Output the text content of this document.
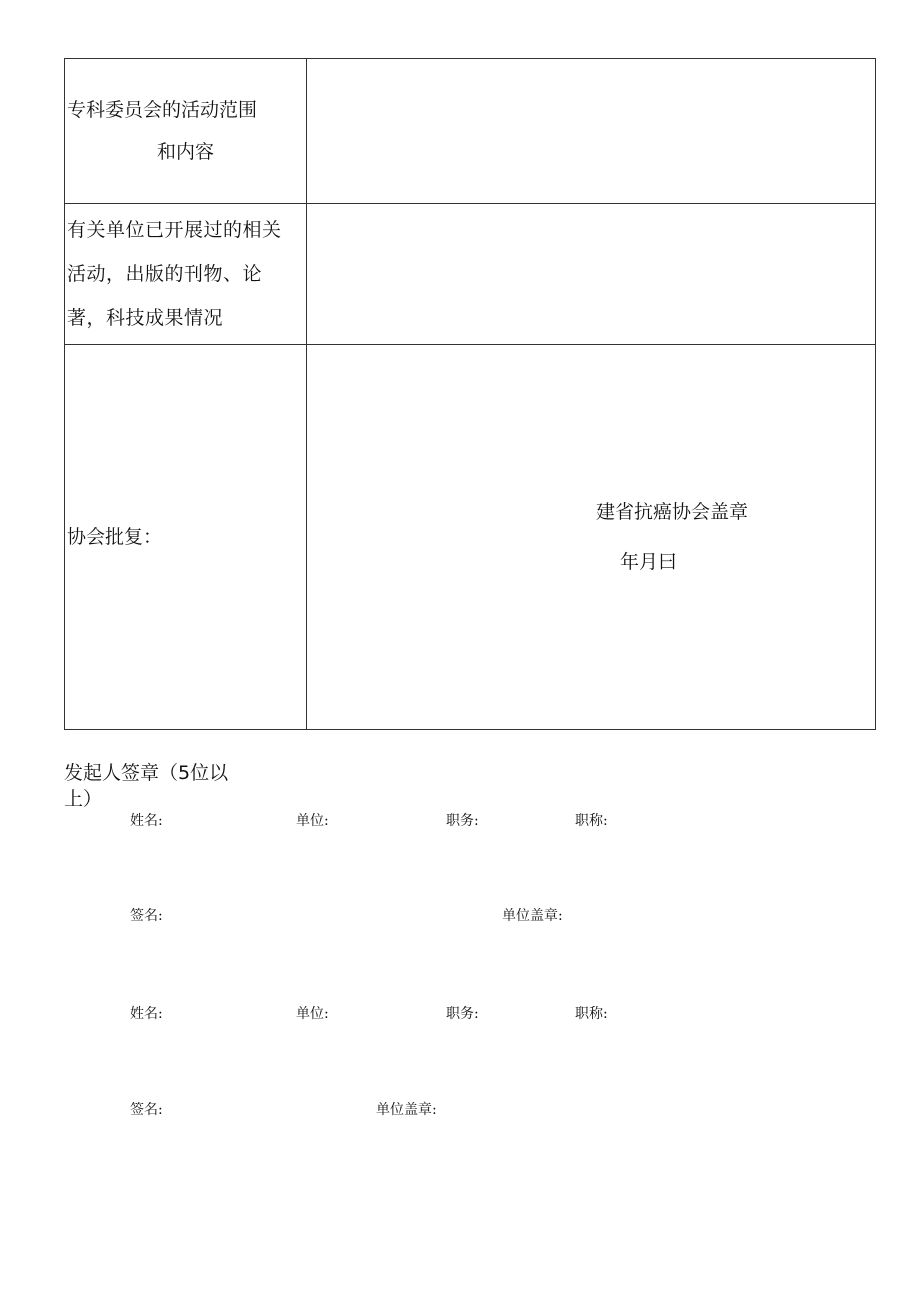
专科委员会的活动范围
和内容	

有关单位已开展过的相关
活动，出版的刊物、论
著，科技成果情况	

协会批复：	建省抗癌协会盖章
年月曰
发起人签章（5位以上）
姓名:	单位:	职务:	职称:
签名:	单位盖章:
姓名:	单位:	职务:	职称:
签名:	单位盖章:
